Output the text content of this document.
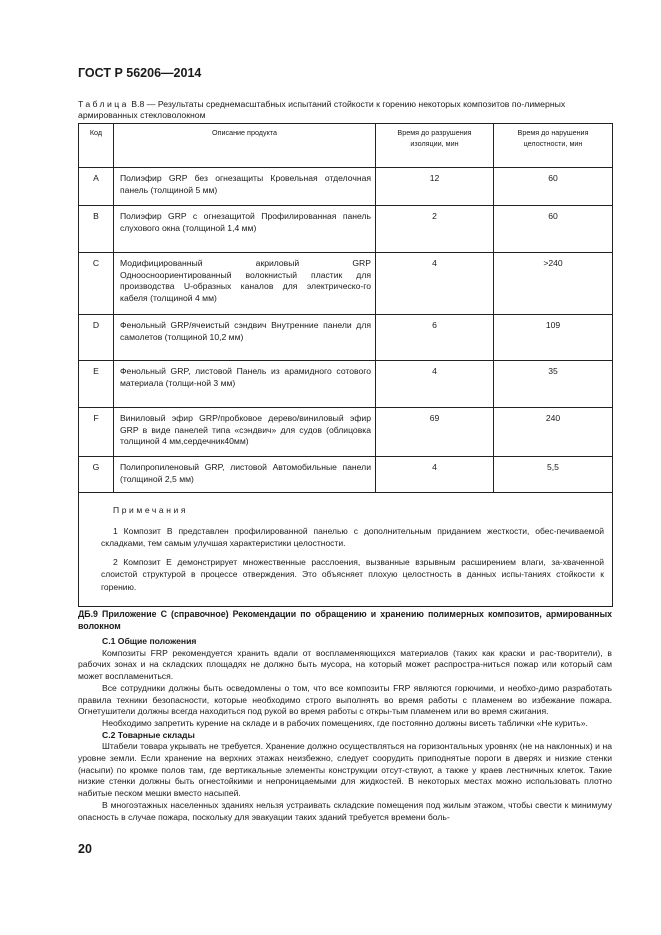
ГОСТ Р 56206—2014
Таблица В.8 — Результаты среднемасштабных испытаний стойкости к горению некоторых композитов по-лимерных армированных стекловолокном
Код	Описание продукта	Время до разрушения изоляции, мин	Время до нарушения целостности, мин
A	Полиэфир GRP без огнезащиты Кровельная отделочная панель (толщиной 5 мм)	12	60
B	Полиэфир GRP с огнезащитой Профилированная панель слухового окна (толщиной 1,4 мм)	2	60
C	Модифицированный акриловый GRP Одноосноориентированный волокнистый пластик для производства U-образных каналов для электрическо-го кабеля (толщиной 4 мм)	4	>240
D	Фенольный GRP/ячеистый сэндвич Внутренние панели для самолетов (толщиной 10,2 мм)	6	109
E	Фенольный GRP, листовой Панель из арамидного сотового материала (толщи-ной 3 мм)	4	35
F	Виниловый эфир GRP/пробковое дерево/виниловый эфир GRP в виде панелей типа «сэндвич» для судов (облицовка толщиной 4 мм,сердечник40мм)	69	240
G	Полипропиленовый GRP, листовой Автомобильные панели (толщиной 2,5 мм)	4	5,5

Примечания

1 Композит B представлен профилированной панелью с дополнительным приданием жесткости, обес-печиваемой складками, тем самым улучшая характеристики целостности.

2 Композит E демонстрирует множественные расслоения, вызванные взрывным расширением влаги, за-хваченной слоистой структурой в процессе отверждения. Это объясняет плохую целостность в данных испы-таниях стойкости к горению.			

ДБ.9 Приложение С (справочное) Рекомендации по обращению и хранению полимерных композитов, армированных волокном
С.1 Общие положения

Композиты FRP рекомендуется хранить вдали от воспламеняющихся материалов (таких как краски и рас-творители), в рабочих зонах и на складских площадях не должно быть мусора, на который может распростра-ниться пожар или который сам может воспламениться.

Все сотрудники должны быть осведомлены о том, что все композиты FRP являются горючими, и необхо-димо разработать правила техники безопасности, которые необходимо строго выполнять во время работы с пламенем во избежание пожара. Огнетушители должны всегда находиться под рукой во время работы с откры-тым пламенем или во время сжигания.

Необходимо запретить курение на складе и в рабочих помещениях, где постоянно должны висеть таблички «Не курить».

С.2 Товарные склады

Штабели товара укрывать не требуется. Хранение должно осуществляться на горизонтальных уровнях (не на наклонных) и на уровне земли. Если хранение на верхних этажах неизбежно, следует соорудить приподнятые пороги в дверях и низкие стенки (насыпи) по кромке полов там, где вертикальные элементы конструкции отсут-ствуют, а также у краев лестничных клеток. Такие низкие стенки должны быть огнестойкими и непроницаемыми для жидкостей. В некоторых местах можно использовать плотно набитые песком мешки вместо насыпей.

В многоэтажных населенных зданиях нельзя устраивать складские помещения под жилым этажом, чтобы свести к минимуму опасность в случае пожара, поскольку для эвакуации таких зданий требуется времени боль-

20
